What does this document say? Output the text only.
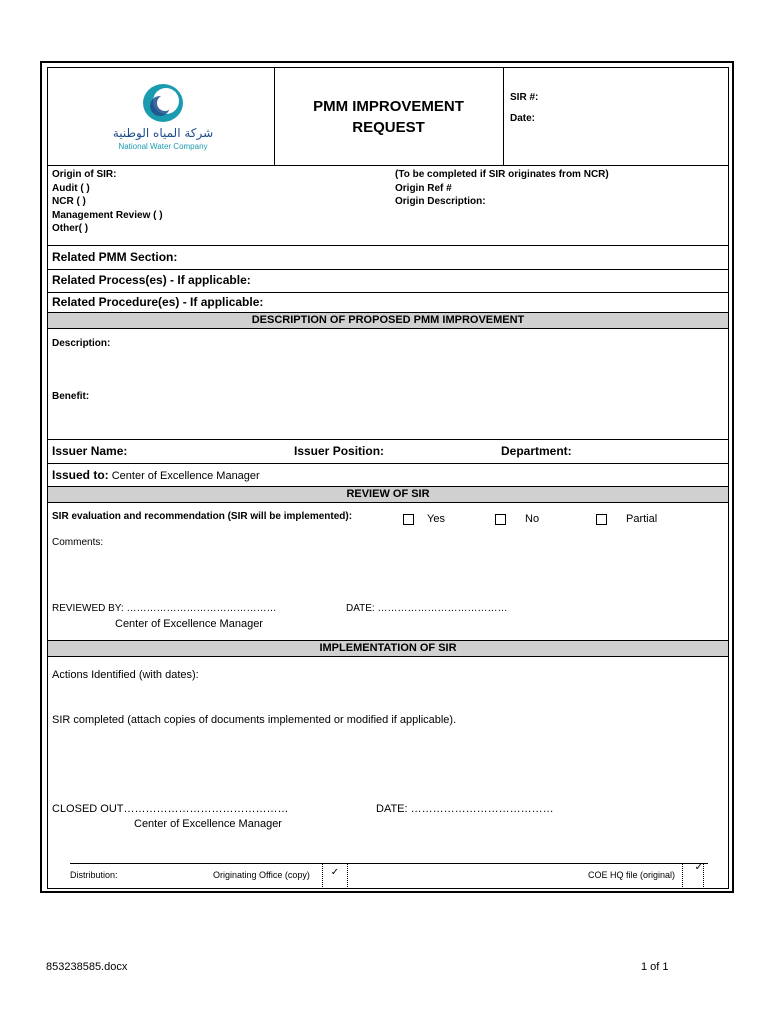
شركة المياه الوطنية
National Water Company
PMM IMPROVEMENT
REQUEST
SIR #:
Date:
Origin of SIR:
Audit ( )
NCR ( )
Management Review ( )
Other( )
(To be completed if SIR originates from NCR)
Origin Ref #
Origin Description:
Related PMM Section:
Related Process(es) - If applicable:
Related Procedure(es) - If applicable:
DESCRIPTION OF PROPOSED PMM IMPROVEMENT
Description:
Benefit:
Issuer Name:	Issuer Position:	Department:
Issued to: Center of Excellence Manager
REVIEW OF SIR
SIR evaluation and recommendation (SIR will be implemented):	Yes	No	Partial
Comments:
REVIEWED BY: ………………………………………	DATE: …………………………………
Center of Excellence Manager
IMPLEMENTATION OF SIR
Actions Identified (with dates):
SIR completed (attach copies of documents implemented or modified if applicable).
CLOSED OUT………………………………………	DATE: …………………………………
Center of Excellence Manager
Distribution:	Originating Office (copy)	✓	COE HQ file (original)
✓
853238585.docx	1 of 1
